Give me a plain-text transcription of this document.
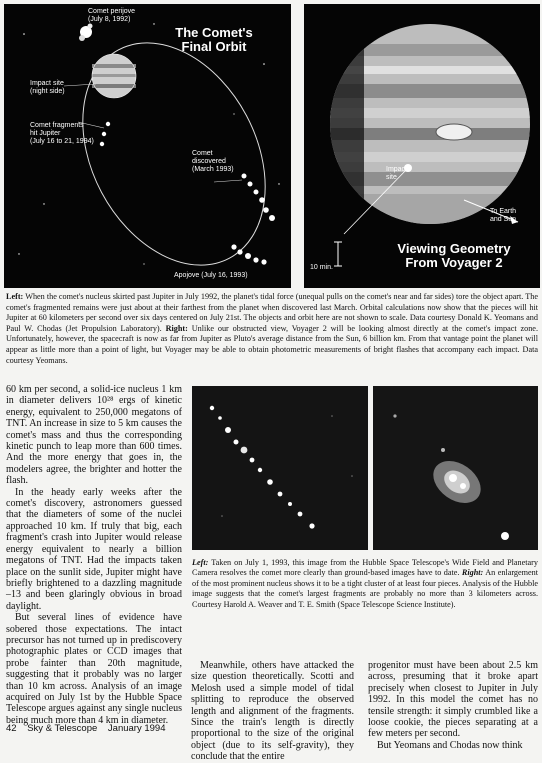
Comet perijove
(July 8, 1992)
The Comet's
Final Orbit
Impact site
(night side)
Comet fragments
hit Jupiter
(July 16 to 21, 1994)
Comet
discovered
(March 1993)
Apojove (July 16, 1993)
Impact
site
To Earth
and Sun
10 min.
Viewing Geometry
From Voyager 2
Left: When the comet's nucleus skirted past Jupiter in July 1992, the planet's tidal force (unequal pulls on the comet's near and far sides) tore the object apart. The comet's fragmented remains were just about at their farthest from the planet when discovered last March. Orbital calculations now show that the pieces will hit Jupiter at 60 kilometers per second over six days centered on July 21st. The objects and orbit here are not shown to scale. Data courtesy Donald K. Yeomans and Paul W. Chodas (Jet Propulsion Laboratory). Right: Unlike our obstructed view, Voyager 2 will be looking almost directly at the comet's impact zone. Unfortunately, however, the spacecraft is now as far from Jupiter as Pluto's average distance from the Sun, 6 billion km. From that vantage point the planet will appear as little more than a point of light, but Voyager may be able to obtain photometric measurements of bright flashes that accompany each impact. Data courtesy Yeomans.

60 km per second, a solid-ice nucleus 1 km in diameter delivers 10²⁸ ergs of kinetic energy, equivalent to 250,000 megatons of TNT. An increase in size to 5 km causes the comet's mass and thus the corresponding kinetic punch to leap more than 600 times. And the more energy that goes in, the modelers agree, the brighter and hotter the flash.

In the heady early weeks after the comet's discovery, astronomers guessed that the diameters of some of the nuclei approached 10 km. If truly that big, each fragment's crash into Jupiter would release energy equivalent to nearly a billion megatons of TNT. Had the impacts taken place on the sunlit side, Jupiter might have briefly brightened to a dazzling magnitude –13 and been glaringly obvious in broad daylight.

But several lines of evidence have sobered those expectations. The intact precursor has not turned up in prediscovery photographic plates or CCD images that probe fainter than 20th magnitude, suggesting that it probably was no larger than 10 km across. Analysis of an image acquired on July 1st by the Hubble Space Telescope argues against any single nucleus being much more than 4 km in diameter.

Left: Taken on July 1, 1993, this image from the Hubble Space Telescope's Wide Field and Planetary Camera resolves the comet more clearly than ground-based images have to date. Right: An enlargement of the most prominent nucleus shows it to be a tight cluster of at least four pieces. Analysis of the Hubble image suggests that the comet's largest fragments are probably no more than 3 kilometers across. Courtesy Harold A. Weaver and T. E. Smith (Space Telescope Science Institute).

Meanwhile, others have attacked the size question theoretically. Scotti and Melosh used a simple model of tidal splitting to reproduce the observed length and alignment of the fragments. Since the train's length is directly proportional to the size of the original object (due to its self-gravity), they conclude that the entire

progenitor must have been about 2.5 km across, presuming that it broke apart precisely when closest to Jupiter in July 1992. In this model the comet has no tensile strength: it simply crumbled like a loose cookie, the pieces separating at a few meters per second.

But Yeomans and Chodas now think

42 Sky & Telescope January 1994
